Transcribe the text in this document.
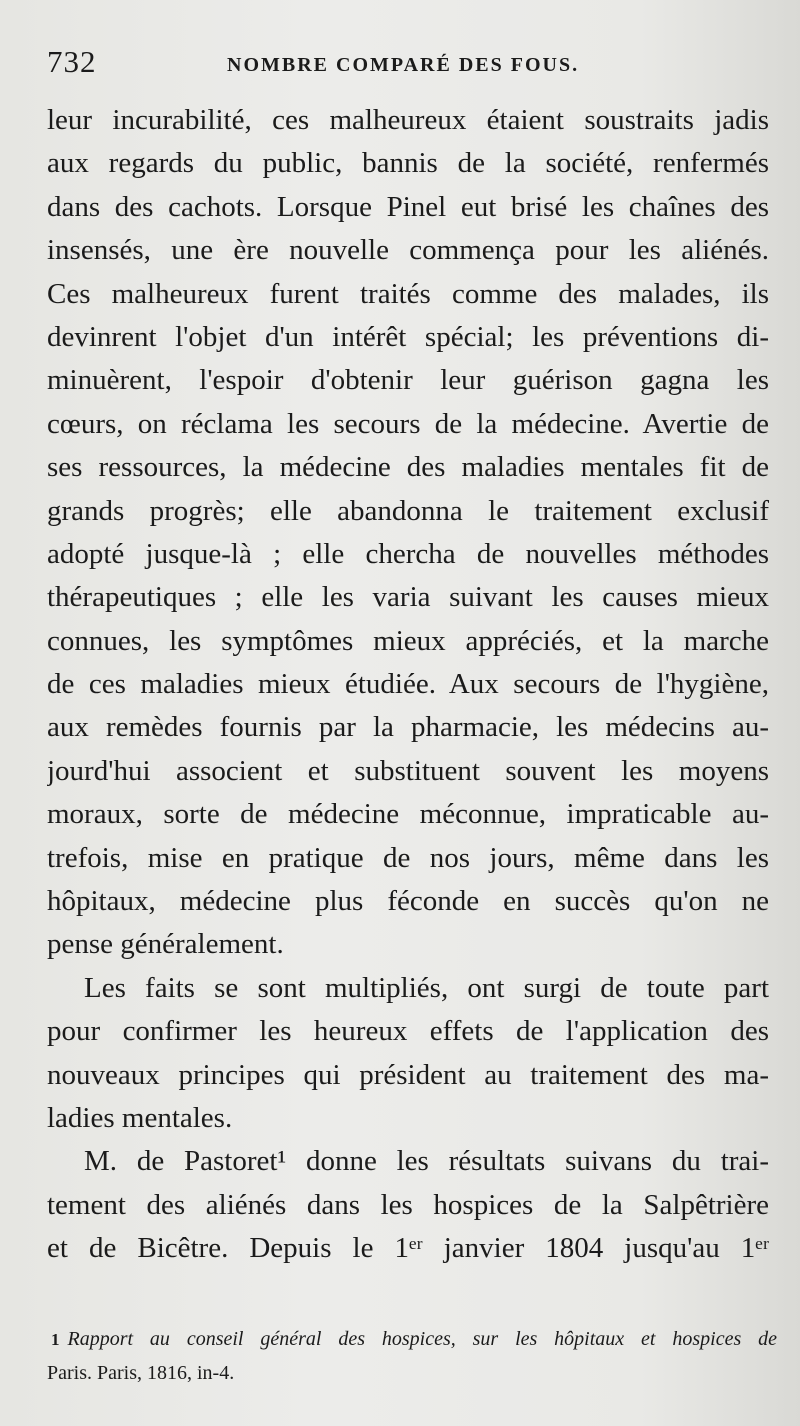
732	NOMBRE COMPARÉ DES FOUS.
leur incurabilité, ces malheureux étaient soustraits jadis
aux regards du public, bannis de la société, renfermés
dans des cachots. Lorsque Pinel eut brisé les chaînes des
insensés, une ère nouvelle commença pour les aliénés.
Ces malheureux furent traités comme des malades, ils
devinrent l'objet d'un intérêt spécial; les préventions di-
minuèrent, l'espoir d'obtenir leur guérison gagna les
cœurs, on réclama les secours de la médecine. Avertie de
ses ressources, la médecine des maladies mentales fit de
grands progrès; elle abandonna le traitement exclusif
adopté jusque-là ; elle chercha de nouvelles méthodes
thérapeutiques ; elle les varia suivant les causes mieux
connues, les symptômes mieux appréciés, et la marche
de ces maladies mieux étudiée. Aux secours de l'hygiène,
aux remèdes fournis par la pharmacie, les médecins au-
jourd'hui associent et substituent souvent les moyens
moraux, sorte de médecine méconnue, impraticable au-
trefois, mise en pratique de nos jours, même dans les
hôpitaux, médecine plus féconde en succès qu'on ne
pense généralement.
Les faits se sont multipliés, ont surgi de toute part
pour confirmer les heureux effets de l'application des
nouveaux principes qui président au traitement des ma-
ladies mentales.
M. de Pastoret¹ donne les résultats suivans du trai-
tement des aliénés dans les hospices de la Salpêtrière
et de Bicêtre. Depuis le 1ᵉʳ janvier 1804 jusqu'au 1ᵉʳ
1 Rapport au conseil général des hospices, sur les hôpitaux et hospices de
Paris. Paris, 1816, in-4.
